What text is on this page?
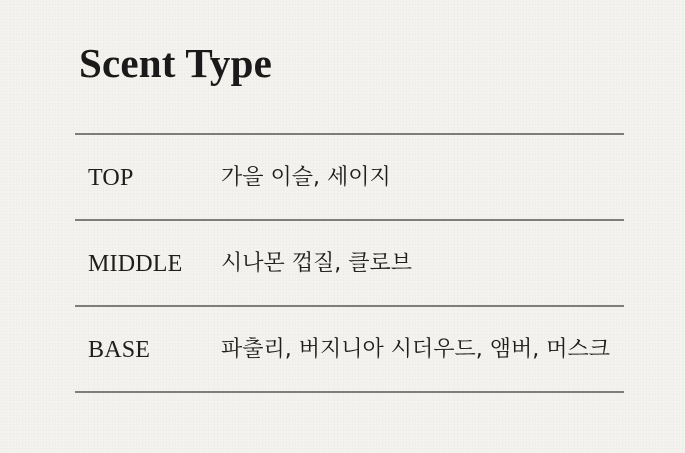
Scent Type
TOP	가을 이슬, 세이지
MIDDLE 시나몬 껍질, 클로브
BASE	파출리, 버지니아 시더우드, 앰버, 머스크
